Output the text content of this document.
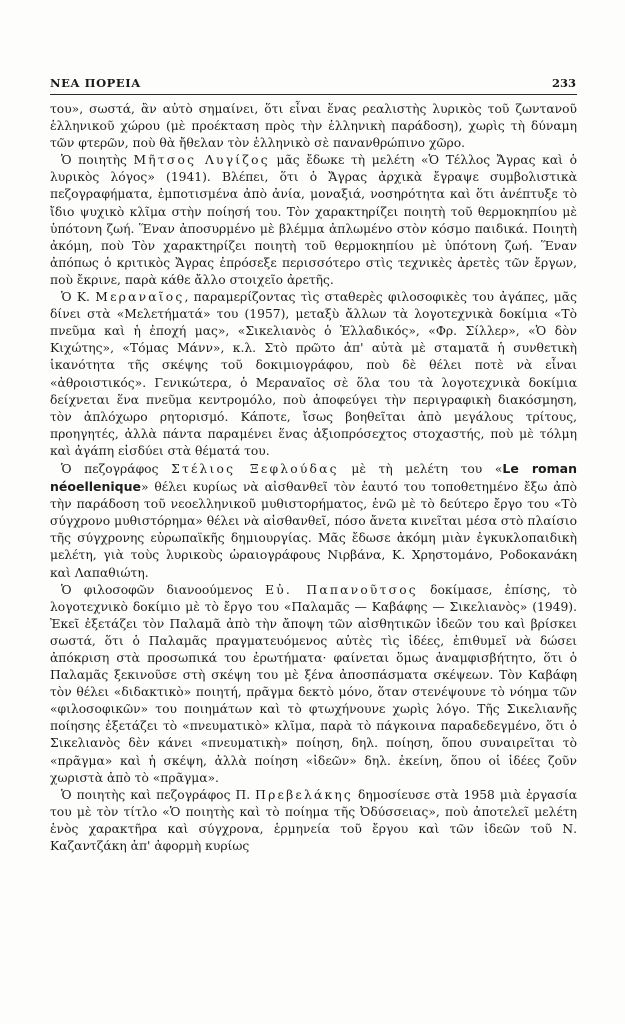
ΝΕΑ ΠΟΡΕΙΑ	233

του», σωστά, ἂν αὐτὸ σημαίνει, ὅτι εἶναι ἕνας ρεαλιστὴς λυρικὸς τοῦ ζωντανοῦ ἑλληνικοῦ χώρου (μὲ προέκταση πρὸς τὴν ἑλληνικὴ παράδοση), χωρὶς τὴ δύναμη τῶν φτερῶν, ποὺ θὰ ἤθελαν τὸν ἑλληνικὸ σὲ πανανθρώπινο χῶρο.

Ὁ ποιητὴς Μῆτσος Λυγίζος μᾶς ἔδωκε τὴ μελέτη «Ὁ Τέλλος Ἄγρας καὶ ὁ λυρικὸς λόγος» (1941). Βλέπει, ὅτι ὁ Ἄγρας ἀρχικὰ ἔγραψε συμβολιστικὰ πεζογραφήματα, ἐμποτισμένα ἀπὸ ἀνία, μοναξιά, νοσηρότητα καὶ ὅτι ἀνέπτυξε τὸ ἴδιο ψυχικὸ κλῖμα στὴν ποίησή του. Τὸν χαρακτηρίζει ποιητὴ τοῦ θερμοκηπίου μὲ ὑπότονη ζωή. Ἕναν ἀποσυρμένο μὲ βλέμμα ἀπλωμένο στὸν κόσμο παιδικά. Ποιητὴ ἀκόμη, ποὺ Τὸν χαρακτηρίζει ποιητὴ τοῦ θερμοκηπίου μὲ ὑπότονη ζωή. Ἕναν ἀπόπως ὁ κριτικὸς Ἄγρας ἐπρόσεξε περισσότερο στὶς τεχνικὲς ἀρετὲς τῶν ἔργων, ποὺ ἔκρινε, παρὰ κάθε ἄλλο στοιχεῖο ἀρετῆς.

Ὁ Κ. Μεραναῖος, παραμερίζοντας τὶς σταθερὲς φιλοσοφικὲς του ἀγάπες, μᾶς δίνει στὰ «Μελετήματά» του (1957), μεταξὺ ἄλλων τὰ λογοτεχνικὰ δοκίμια «Τὸ πνεῦμα καὶ ἡ ἐποχή μας», «Σικελιανὸς ὁ Ἑλλαδικός», «Φρ. Σίλλερ», «Ὁ δὸν Κιχώτης», «Τόμας Μάνν», κ.λ. Στὸ πρῶτο ἀπ' αὐτὰ μὲ σταματᾶ ἡ συνθετικὴ ἱκανότητα τῆς σκέψης τοῦ δοκιμιογράφου, ποὺ δὲ θέλει ποτὲ νὰ εἶναι «ἀθροιστικός». Γενικώτερα, ὁ Μεραναῖος σὲ ὅλα του τὰ λογοτεχνικὰ δοκίμια δείχνεται ἕνα πνεῦμα κεντρομόλο, ποὺ ἀποφεύγει τὴν περιγραφικὴ διακόσμηση, τὸν ἀπλόχωρο ρητορισμό. Κάποτε, ἴσως βοηθεῖται ἀπὸ μεγάλους τρίτους, προηγητές, ἀλλὰ πάντα παραμένει ἕνας ἀξιοπρόσεχτος στοχαστής, ποὺ μὲ τόλμη καὶ ἀγάπη εἰσδύει στὰ θέματά του.

Ὁ πεζογράφος Στέλιος Ξεφλούδας μὲ τὴ μελέτη του «Le roman néoellenique» θέλει κυρίως νὰ αἰσθανθεῖ τὸν ἑαυτό του τοποθετημένο ἔξω ἀπὸ τὴν παράδοση τοῦ νεοελληνικοῦ μυθιστορήματος, ἐνῶ μὲ τὸ δεύτερο ἔργο του «Τὸ σύγχρονο μυθιστόρημα» θέλει νὰ αἰσθανθεῖ, πόσο ἄνετα κινεῖται μέσα στὸ πλαίσιο τῆς σύγχρονης εὐρωπαϊκῆς δημιουργίας. Μᾶς ἔδωσε ἀκόμη μιὰν ἐγκυκλοπαιδικὴ μελέτη, γιὰ τοὺς λυρικοὺς ὡραιογράφους Νιρβάνα, Κ. Χρηστομάνο, Ροδοκανάκη καὶ Λαπαθιώτη.

Ὁ φιλοσοφῶν διανοούμενος Εὐ. Παπανοῦτσος δοκίμασε, ἐπίσης, τὸ λογοτεχνικὸ δοκίμιο μὲ τὸ ἔργο του «Παλαμᾶς — Καβάφης — Σικελιανὸς» (1949). Ἐκεῖ ἐξετάζει τὸν Παλαμᾶ ἀπὸ τὴν ἄποψη τῶν αἰσθητικῶν ἰδεῶν του καὶ βρίσκει σωστά, ὅτι ὁ Παλαμᾶς πραγματευόμενος αὐτὲς τὶς ἰδέες, ἐπιθυμεῖ νὰ δώσει ἀπόκριση στὰ προσωπικά του ἐρωτήματα· φαίνεται ὅμως ἀναμφισβήτητο, ὅτι ὁ Παλαμᾶς ξεκινοῦσε στὴ σκέψη του μὲ ξένα ἀποσπάσματα σκέψεων. Τὸν Καβάφη τὸν θέλει «διδακτικὸ» ποιητή, πρᾶγμα δεκτὸ μόνο, ὅταν στενέψουνε τὸ νόημα τῶν «φιλοσοφικῶν» του ποιημάτων καὶ τὸ φτωχήνουνε χωρὶς λόγο. Τῆς Σικελιανῆς ποίησης ἐξετάζει τὸ «πνευματικὸ» κλῖμα, παρὰ τὸ πάγκοινα παραδεδεγμένο, ὅτι ὁ Σικελιανὸς δὲν κάνει «πνευματικὴ» ποίηση, δηλ. ποίηση, ὅπου συναιρεῖται τὸ «πρᾶγμα» καὶ ἡ σκέψη, ἀλλὰ ποίηση «ἰδεῶν» δηλ. ἐκείνη, ὅπου οἱ ἰδέες ζοῦν χωριστὰ ἀπὸ τὸ «πρᾶγμα».

Ὁ ποιητὴς καὶ πεζογράφος Π. Πρεβελάκης δημοσίευσε στὰ 1958 μιὰ ἐργασία του μὲ τὸν τίτλο «Ὁ ποιητὴς καὶ τὸ ποίημα τῆς Ὀδύσσειας», ποὺ ἀποτελεῖ μελέτη ἑνὸς χαρακτῆρα καὶ σύγχρονα, ἑρμηνεία τοῦ ἔργου καὶ τῶν ἰδεῶν τοῦ Ν. Καζαντζάκη ἀπ' ἀφορμὴ κυρίως
